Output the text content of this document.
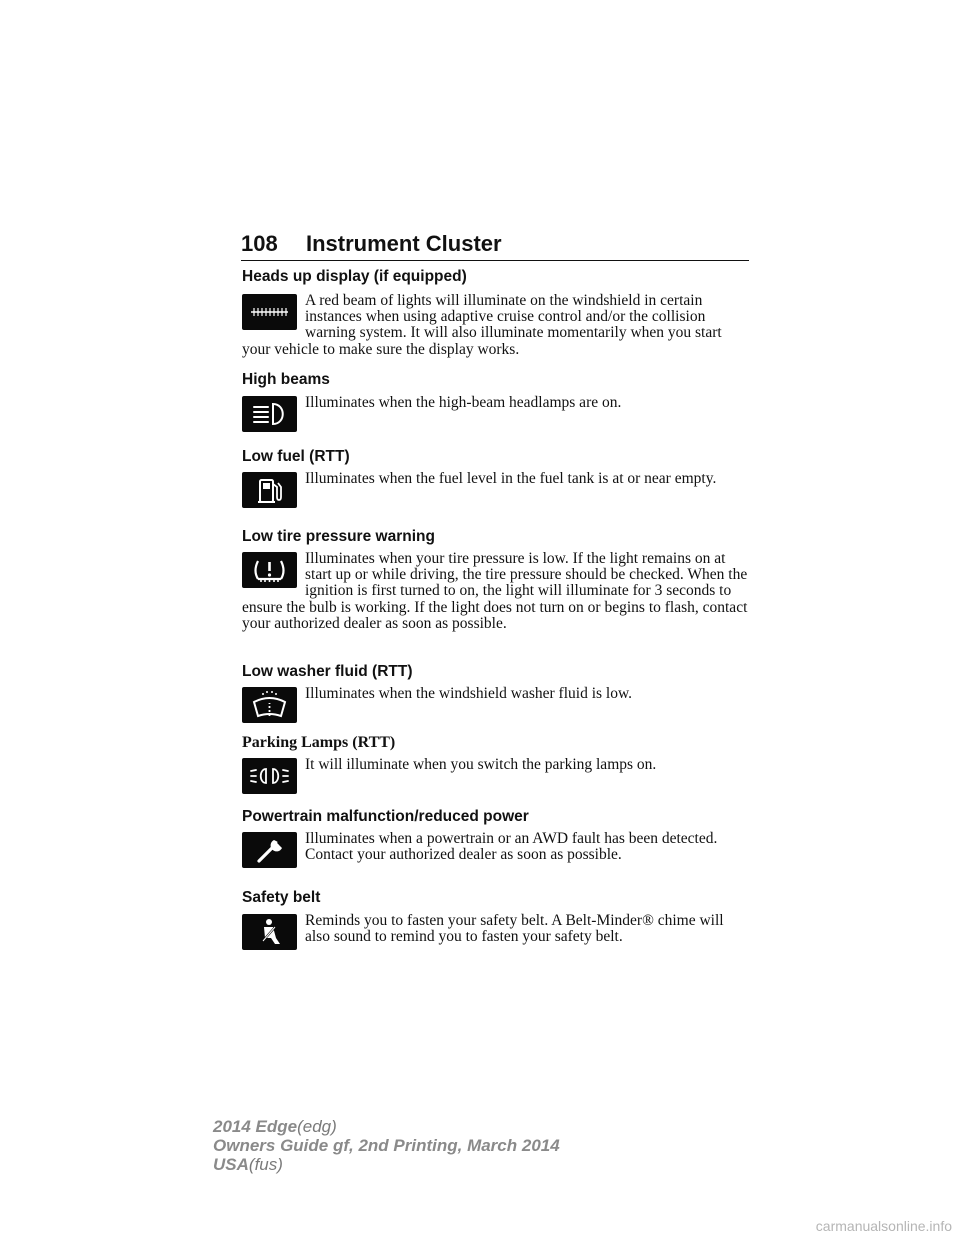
108 Instrument Cluster
Heads up display (if equipped)

A red beam of lights will illuminate on the windshield in certain instances when using adaptive cruise control and/or the collision warning system. It will also illuminate momentarily when you start your vehicle to make sure the display works.

High beams

Illuminates when the high-beam headlamps are on.

Low fuel (RTT)

Illuminates when the fuel level in the fuel tank is at or near empty.

Low tire pressure warning

Illuminates when your tire pressure is low. If the light remains on at start up or while driving, the tire pressure should be checked. When the ignition is first turned to on, the light will illuminate for 3 seconds to ensure the bulb is working. If the light does not turn on or begins to flash, contact your authorized dealer as soon as possible.

Low washer fluid (RTT)

Illuminates when the windshield washer fluid is low.

Parking Lamps (RTT)

It will illuminate when you switch the parking lamps on.

Powertrain malfunction/reduced power

Illuminates when a powertrain or an AWD fault has been detected. Contact your authorized dealer as soon as possible.

Safety belt

Reminds you to fasten your safety belt. A Belt-Minder® chime will also sound to remind you to fasten your safety belt.

2014 Edge(edg)
Owners Guide gf, 2nd Printing, March 2014
USA(fus)
carmanualsonline.info
